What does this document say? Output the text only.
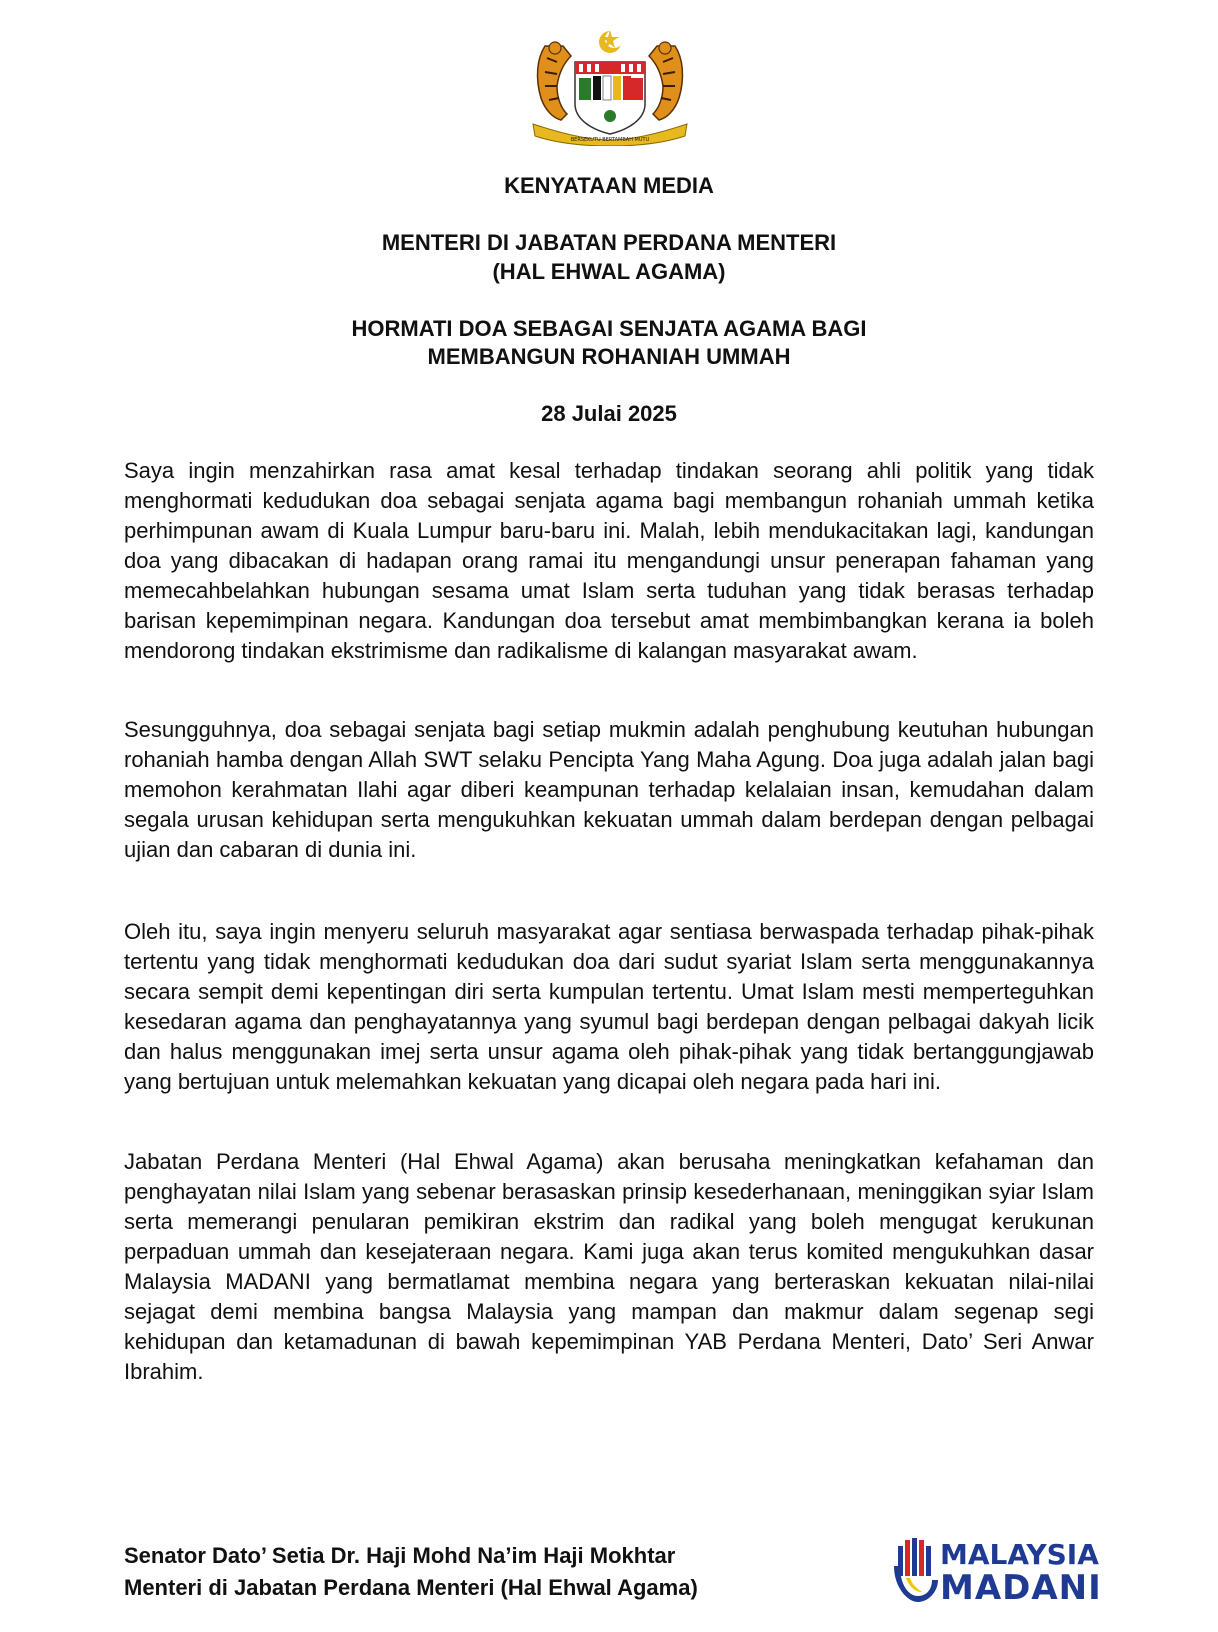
BERSEKUTU BERTAMBAH MUTU

KENYATAAN MEDIA

MENTERI DI JABATAN PERDANA MENTERI

(HAL EHWAL AGAMA)

HORMATI DOA SEBAGAI SENJATA AGAMA BAGI

MEMBANGUN ROHANIAH UMMAH

28 Julai 2025

Saya ingin menzahirkan rasa amat kesal terhadap tindakan seorang ahli politik yang tidak menghormati kedudukan doa sebagai senjata agama bagi membangun rohaniah ummah ketika perhimpunan awam di Kuala Lumpur baru-baru ini. Malah, lebih mendukacitakan lagi, kandungan doa yang dibacakan di hadapan orang ramai itu mengandungi unsur penerapan fahaman yang memecahbelahkan hubungan sesama umat Islam serta tuduhan yang tidak berasas terhadap barisan kepemimpinan negara. Kandungan doa tersebut amat membimbangkan kerana ia boleh mendorong tindakan ekstrimisme dan radikalisme di kalangan masyarakat awam.

Sesungguhnya, doa sebagai senjata bagi setiap mukmin adalah penghubung keutuhan hubungan rohaniah hamba dengan Allah SWT selaku Pencipta Yang Maha Agung. Doa juga adalah jalan bagi memohon kerahmatan Ilahi agar diberi keampunan terhadap kelalaian insan, kemudahan dalam segala urusan kehidupan serta mengukuhkan kekuatan ummah dalam berdepan dengan pelbagai ujian dan cabaran di dunia ini.

Oleh itu, saya ingin menyeru seluruh masyarakat agar sentiasa berwaspada terhadap pihak-pihak tertentu yang tidak menghormati kedudukan doa dari sudut syariat Islam serta menggunakannya secara sempit demi kepentingan diri serta kumpulan tertentu. Umat Islam mesti memperteguhkan kesedaran agama dan penghayatannya yang syumul bagi berdepan dengan pelbagai dakyah licik dan halus menggunakan imej serta unsur agama oleh pihak-pihak yang tidak bertanggungjawab yang bertujuan untuk melemahkan kekuatan yang dicapai oleh negara pada hari ini.

Jabatan Perdana Menteri (Hal Ehwal Agama) akan berusaha meningkatkan kefahaman dan penghayatan nilai Islam yang sebenar berasaskan prinsip kesederhanaan, meninggikan syiar Islam serta memerangi penularan pemikiran ekstrim dan radikal yang boleh mengugat kerukunan perpaduan ummah dan kesejateraan negara. Kami juga akan terus komited mengukuhkan dasar Malaysia MADANI yang bermatlamat membina negara yang berteraskan kekuatan nilai-nilai sejagat demi membina bangsa Malaysia yang mampan dan makmur dalam segenap segi kehidupan dan ketamadunan di bawah kepemimpinan YAB Perdana Menteri, Dato’ Seri Anwar Ibrahim.

Senator Dato’ Setia Dr. Haji Mohd Na’im Haji Mokhtar

Menteri di Jabatan Perdana Menteri (Hal Ehwal Agama)

MALAYSIA
MADANI
